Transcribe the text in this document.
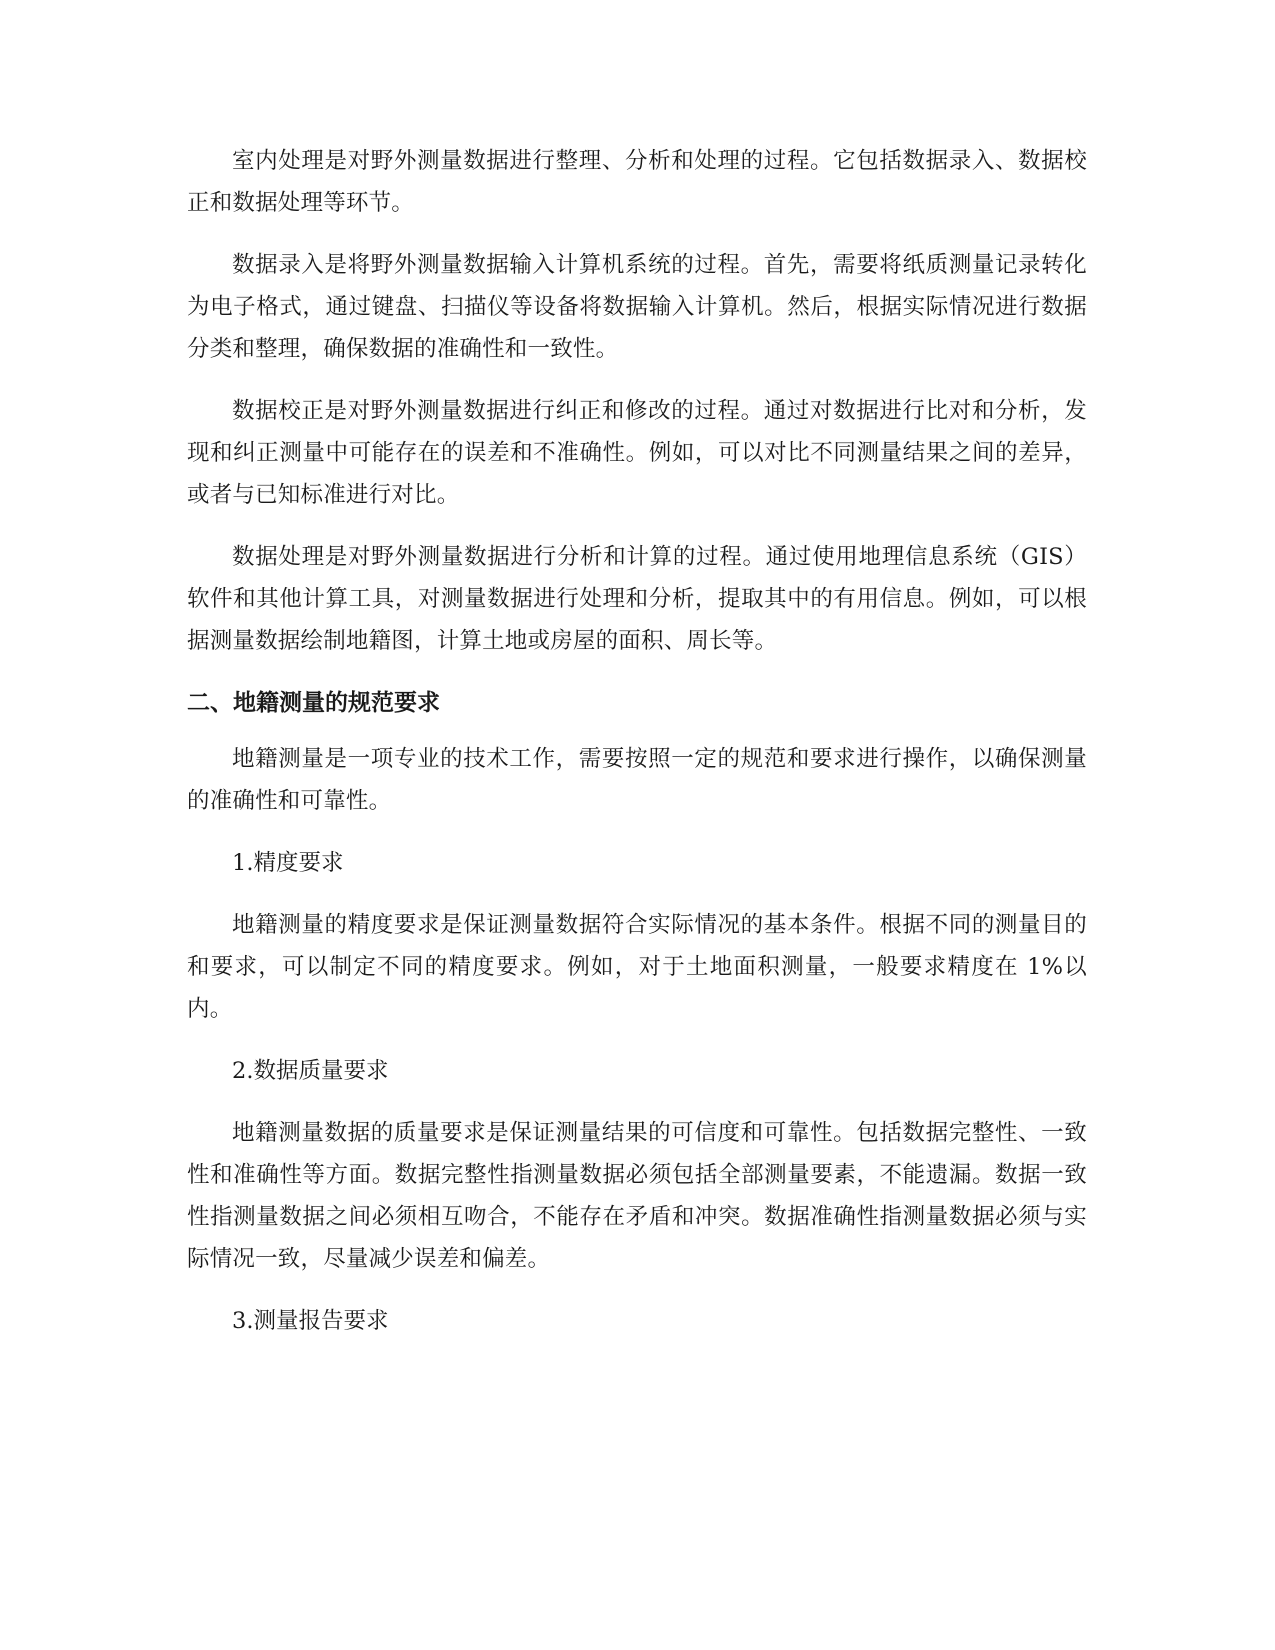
室内处理是对野外测量数据进行整理、分析和处理的过程。它包括数据录入、数据校正和数据处理等环节。

数据录入是将野外测量数据输入计算机系统的过程。首先，需要将纸质测量记录转化为电子格式，通过键盘、扫描仪等设备将数据输入计算机。然后，根据实际情况进行数据分类和整理，确保数据的准确性和一致性。

数据校正是对野外测量数据进行纠正和修改的过程。通过对数据进行比对和分析，发现和纠正测量中可能存在的误差和不准确性。例如，可以对比不同测量结果之间的差异，或者与已知标准进行对比。

数据处理是对野外测量数据进行分析和计算的过程。通过使用地理信息系统（GIS）软件和其他计算工具，对测量数据进行处理和分析，提取其中的有用信息。例如，可以根据测量数据绘制地籍图，计算土地或房屋的面积、周长等。

二、地籍测量的规范要求

地籍测量是一项专业的技术工作，需要按照一定的规范和要求进行操作，以确保测量的准确性和可靠性。

1.精度要求

地籍测量的精度要求是保证测量数据符合实际情况的基本条件。根据不同的测量目的和要求，可以制定不同的精度要求。例如，对于土地面积测量，一般要求精度在 1%以内。

2.数据质量要求

地籍测量数据的质量要求是保证测量结果的可信度和可靠性。包括数据完整性、一致性和准确性等方面。数据完整性指测量数据必须包括全部测量要素，不能遗漏。数据一致性指测量数据之间必须相互吻合，不能存在矛盾和冲突。数据准确性指测量数据必须与实际情况一致，尽量减少误差和偏差。

3.测量报告要求
